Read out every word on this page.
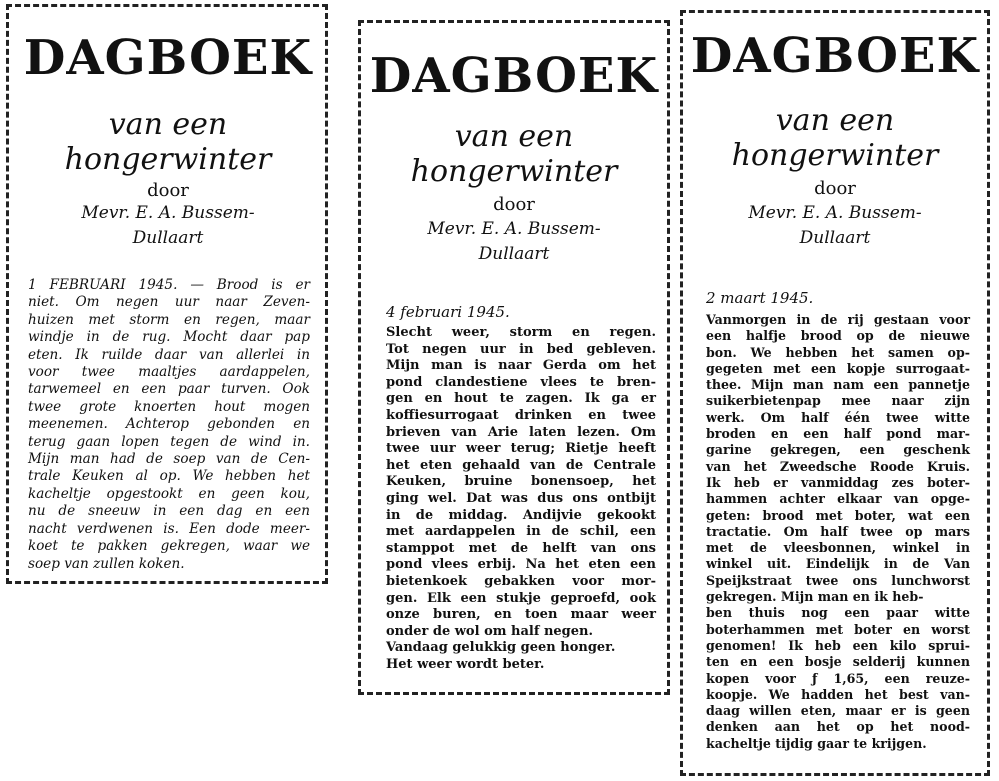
DAGBOEK
van een
hongerwinter
door
Mevr. E. A. Bussem-
Dullaart
1 FEBRUARI 1945. — Brood is er
niet. Om negen uur naar Zeven-
huizen met storm en regen, maar
windje in de rug. Mocht daar pap
eten. Ik ruilde daar van allerlei in
voor twee maaltjes aardappelen,
tarwemeel en een paar turven. Ook
twee grote knoerten hout mogen
meenemen. Achterop gebonden en
terug gaan lopen tegen de wind in.
Mijn man had de soep van de Cen-
trale Keuken al op. We hebben het
kacheltje opgestookt en geen kou,
nu de sneeuw in een dag en een
nacht verdwenen is. Een dode meer-
koet te pakken gekregen, waar we
soep van zullen koken.
DAGBOEK
van een
hongerwinter
door
Mevr. E. A. Bussem-
Dullaart
4 februari 1945.
Slecht weer, storm en regen.
Tot negen uur in bed gebleven.
Mijn man is naar Gerda om het
pond clandestiene vlees te bren-
gen en hout te zagen. Ik ga er
koffiesurrogaat drinken en twee
brieven van Arie laten lezen. Om
twee uur weer terug; Rietje heeft
het eten gehaald van de Centrale
Keuken, bruine bonensoep, het
ging wel. Dat was dus ons ontbijt
in de middag. Andijvie gekookt
met aardappelen in de schil, een
stamppot met de helft van ons
pond vlees erbij. Na het eten een
bietenkoek gebakken voor mor-
gen. Elk een stukje geproefd, ook
onze buren, en toen maar weer
onder de wol om half negen.
Vandaag gelukkig geen honger.
Het weer wordt beter.
DAGBOEK
van een
hongerwinter
door
Mevr. E. A. Bussem-
Dullaart
2 maart 1945.
Vanmorgen in de rij gestaan voor
een halfje brood op de nieuwe
bon. We hebben het samen op-
gegeten met een kopje surrogaat-
thee. Mijn man nam een pannetje
suikerbietenpap mee naar zijn
werk. Om half één twee witte
broden en een half pond mar-
garine gekregen, een geschenk
van het Zweedsche Roode Kruis.
Ik heb er vanmiddag zes boter-
hammen achter elkaar van opge-
geten: brood met boter, wat een
tractatie. Om half twee op mars
met de vleesbonnen, winkel in
winkel uit. Eindelijk in de Van
Speijkstraat twee ons lunchworst
gekregen. Mijn man en ik heb-
ben thuis nog een paar witte
boterhammen met boter en worst
genomen! Ik heb een kilo sprui-
ten en een bosje selderij kunnen
kopen voor ƒ 1,65, een reuze-
koopje. We hadden het best van-
daag willen eten, maar er is geen
denken aan het op het nood-
kacheltje tijdig gaar te krijgen.
